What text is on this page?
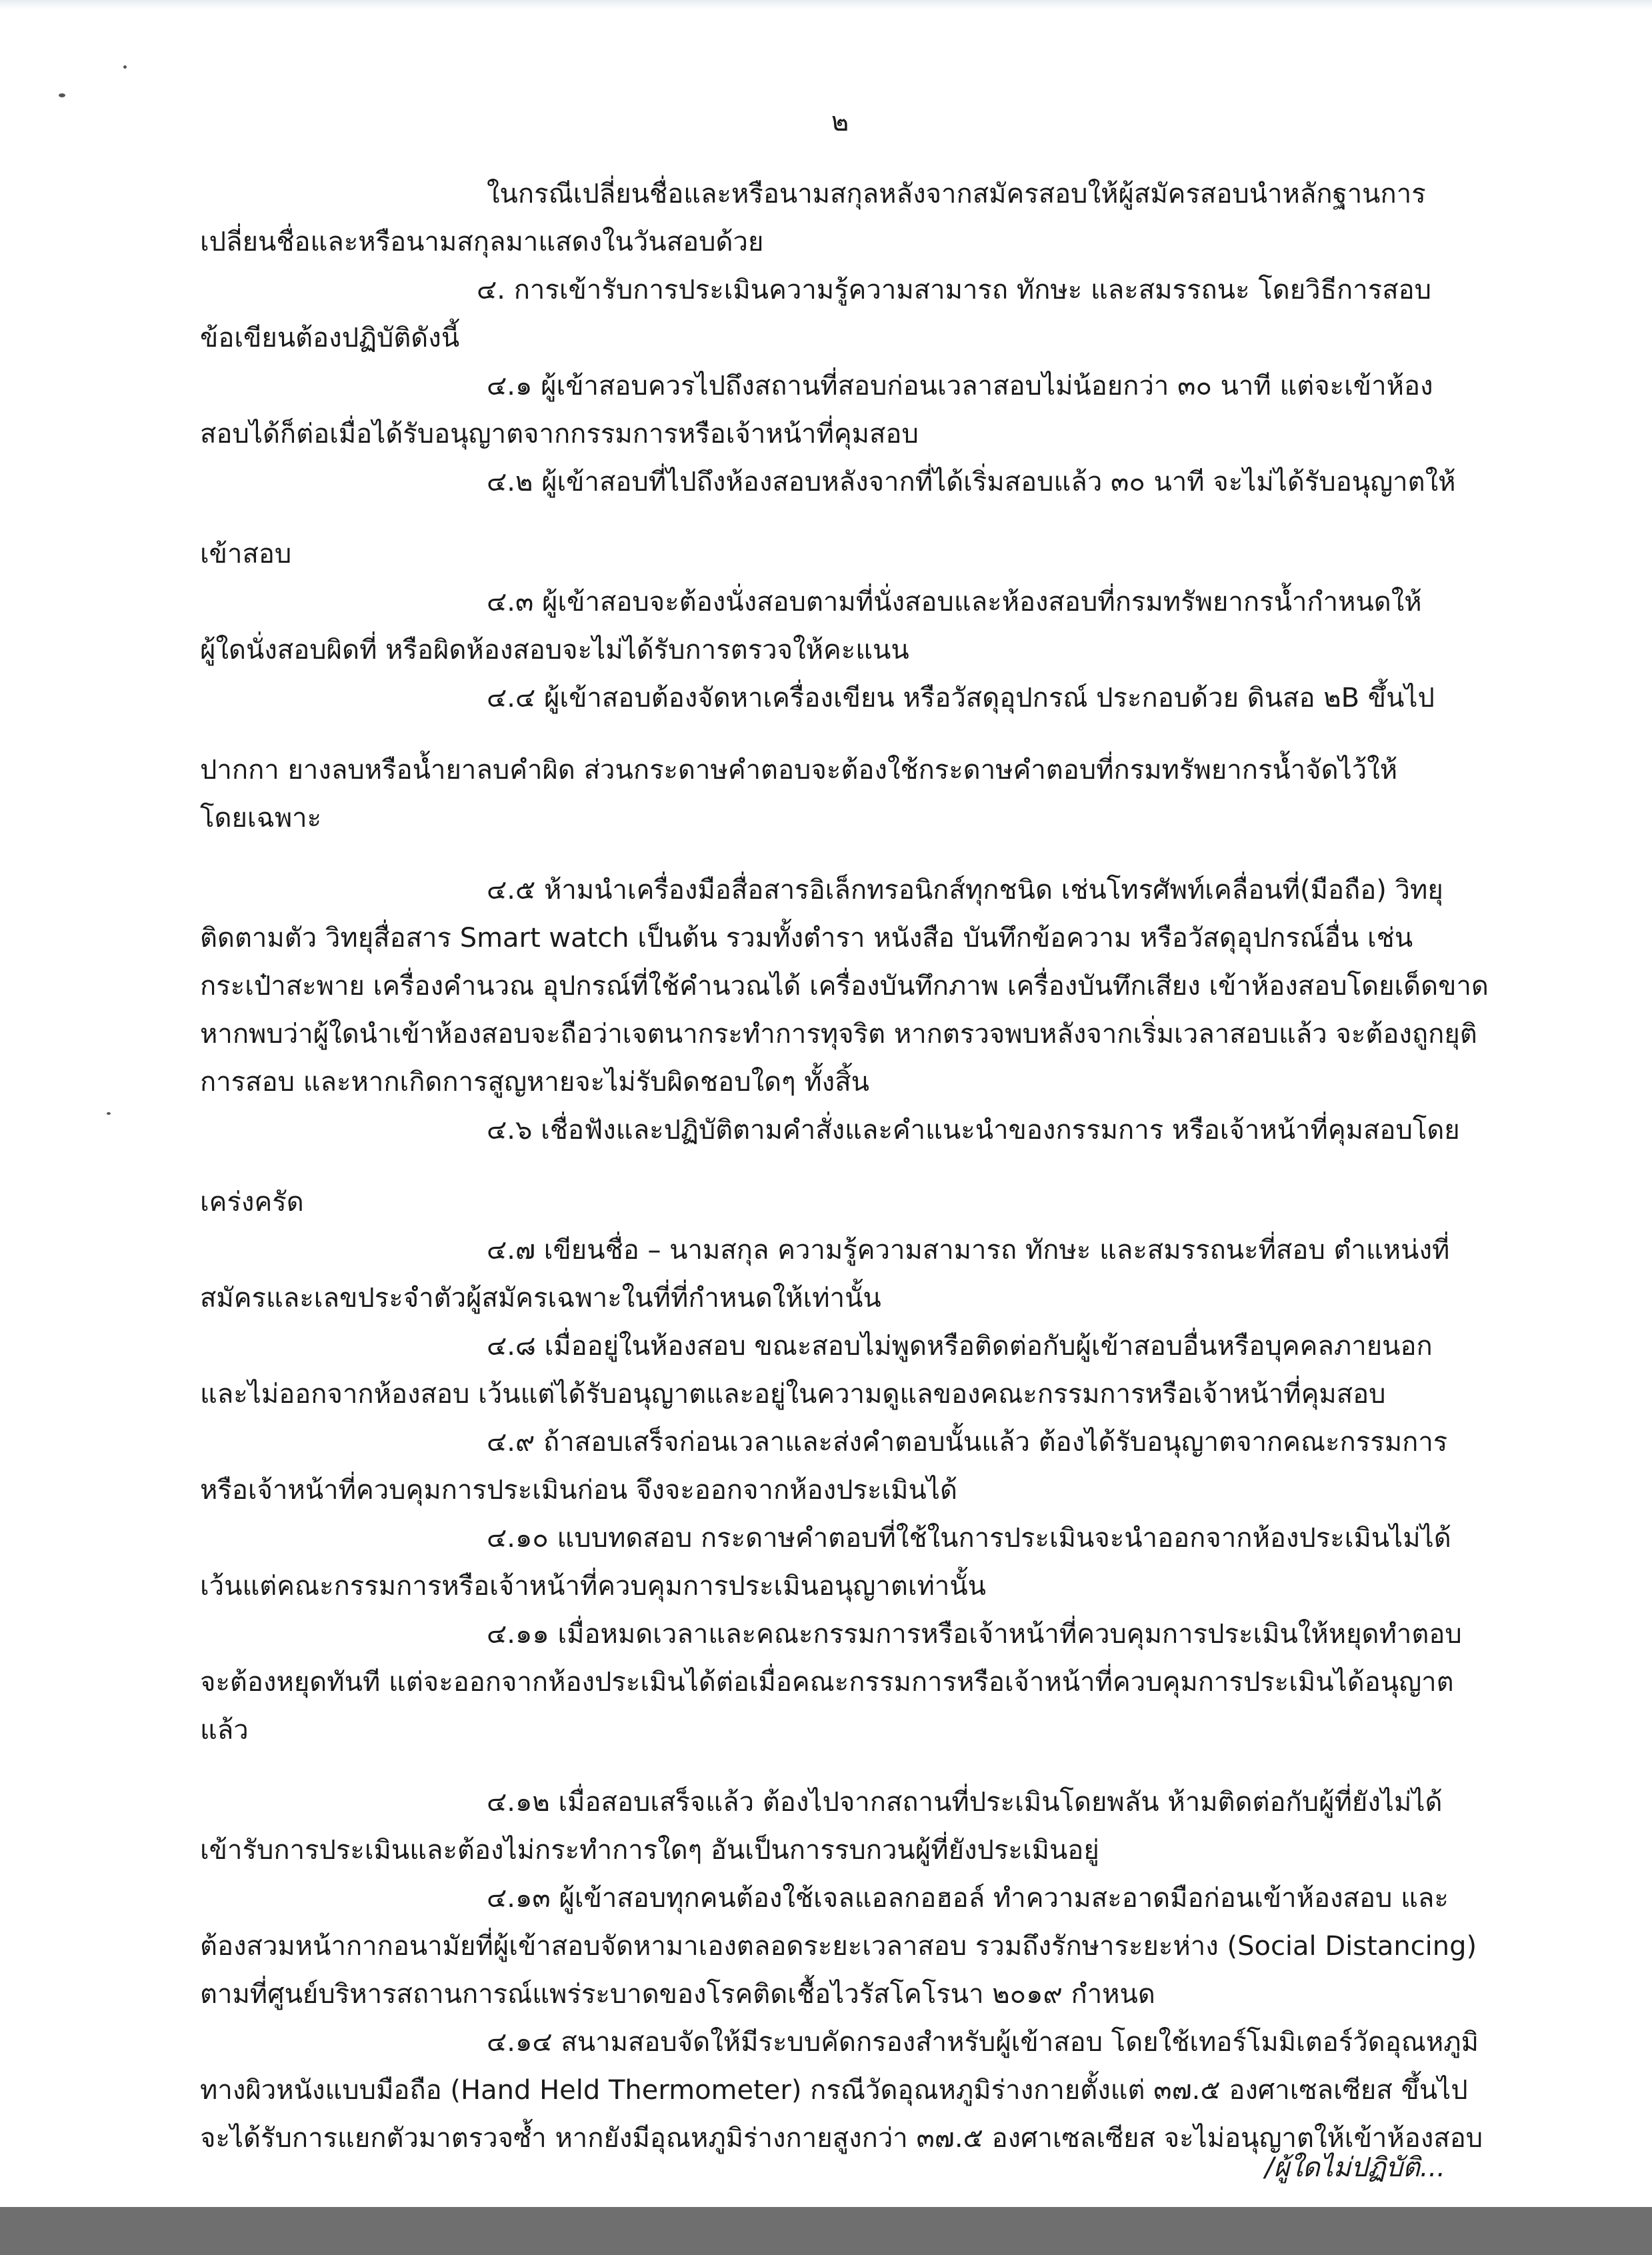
๒
ในกรณีเปลี่ยนชื่อและหรือนามสกุลหลังจากสมัครสอบให้ผู้สมัครสอบนำหลักฐานการ
เปลี่ยนชื่อและหรือนามสกุลมาแสดงในวันสอบด้วย
๔. การเข้ารับการประเมินความรู้ความสามารถ ทักษะ และสมรรถนะ โดยวิธีการสอบ
ข้อเขียนต้องปฏิบัติดังนี้
๔.๑ ผู้เข้าสอบควรไปถึงสถานที่สอบก่อนเวลาสอบไม่น้อยกว่า ๓๐ นาที แต่จะเข้าห้อง
สอบได้ก็ต่อเมื่อได้รับอนุญาตจากกรรมการหรือเจ้าหน้าที่คุมสอบ
๔.๒ ผู้เข้าสอบที่ไปถึงห้องสอบหลังจากที่ได้เริ่มสอบแล้ว ๓๐ นาที จะไม่ได้รับอนุญาตให้
เข้าสอบ
๔.๓ ผู้เข้าสอบจะต้องนั่งสอบตามที่นั่งสอบและห้องสอบที่กรมทรัพยากรน้ำกำหนดให้
ผู้ใดนั่งสอบผิดที่ หรือผิดห้องสอบจะไม่ได้รับการตรวจให้คะแนน
๔.๔ ผู้เข้าสอบต้องจัดหาเครื่องเขียน หรือวัสดุอุปกรณ์ ประกอบด้วย ดินสอ ๒B ขึ้นไป
ปากกา ยางลบหรือน้ำยาลบคำผิด ส่วนกระดาษคำตอบจะต้องใช้กระดาษคำตอบที่กรมทรัพยากรน้ำจัดไว้ให้
โดยเฉพาะ
๔.๕ ห้ามนำเครื่องมือสื่อสารอิเล็กทรอนิกส์ทุกชนิด เช่นโทรศัพท์เคลื่อนที่(มือถือ) วิทยุ
ติดตามตัว วิทยุสื่อสาร Smart watch เป็นต้น รวมทั้งตำรา หนังสือ บันทึกข้อความ หรือวัสดุอุปกรณ์อื่น เช่น
กระเป๋าสะพาย เครื่องคำนวณ อุปกรณ์ที่ใช้คำนวณได้ เครื่องบันทึกภาพ เครื่องบันทึกเสียง เข้าห้องสอบโดยเด็ดขาด
หากพบว่าผู้ใดนำเข้าห้องสอบจะถือว่าเจตนากระทำการทุจริต หากตรวจพบหลังจากเริ่มเวลาสอบแล้ว จะต้องถูกยุติ
การสอบ และหากเกิดการสูญหายจะไม่รับผิดชอบใดๆ ทั้งสิ้น
๔.๖ เชื่อฟังและปฏิบัติตามคำสั่งและคำแนะนำของกรรมการ หรือเจ้าหน้าที่คุมสอบโดย
เคร่งครัด
๔.๗ เขียนชื่อ – นามสกุล ความรู้ความสามารถ ทักษะ และสมรรถนะที่สอบ ตำแหน่งที่
สมัครและเลขประจำตัวผู้สมัครเฉพาะในที่ที่กำหนดให้เท่านั้น
๔.๘ เมื่ออยู่ในห้องสอบ ขณะสอบไม่พูดหรือติดต่อกับผู้เข้าสอบอื่นหรือบุคคลภายนอก
และไม่ออกจากห้องสอบ เว้นแต่ได้รับอนุญาตและอยู่ในความดูแลของคณะกรรมการหรือเจ้าหน้าที่คุมสอบ
๔.๙ ถ้าสอบเสร็จก่อนเวลาและส่งคำตอบนั้นแล้ว ต้องได้รับอนุญาตจากคณะกรรมการ
หรือเจ้าหน้าที่ควบคุมการประเมินก่อน จึงจะออกจากห้องประเมินได้
๔.๑๐ แบบทดสอบ กระดาษคำตอบที่ใช้ในการประเมินจะนำออกจากห้องประเมินไม่ได้
เว้นแต่คณะกรรมการหรือเจ้าหน้าที่ควบคุมการประเมินอนุญาตเท่านั้น
๔.๑๑ เมื่อหมดเวลาและคณะกรรมการหรือเจ้าหน้าที่ควบคุมการประเมินให้หยุดทำตอบ
จะต้องหยุดทันที แต่จะออกจากห้องประเมินได้ต่อเมื่อคณะกรรมการหรือเจ้าหน้าที่ควบคุมการประเมินได้อนุญาต
แล้ว
๔.๑๒ เมื่อสอบเสร็จแล้ว ต้องไปจากสถานที่ประเมินโดยพลัน ห้ามติดต่อกับผู้ที่ยังไม่ได้
เข้ารับการประเมินและต้องไม่กระทำการใดๆ อันเป็นการรบกวนผู้ที่ยังประเมินอยู่
๔.๑๓ ผู้เข้าสอบทุกคนต้องใช้เจลแอลกอฮอล์ ทำความสะอาดมือก่อนเข้าห้องสอบ และ
ต้องสวมหน้ากากอนามัยที่ผู้เข้าสอบจัดหามาเองตลอดระยะเวลาสอบ รวมถึงรักษาระยะห่าง (Social Distancing)
ตามที่ศูนย์บริหารสถานการณ์แพร่ระบาดของโรคติดเชื้อไวรัสโคโรนา ๒๐๑๙ กำหนด
๔.๑๔ สนามสอบจัดให้มีระบบคัดกรองสำหรับผู้เข้าสอบ โดยใช้เทอร์โมมิเตอร์วัดอุณหภูมิ
ทางผิวหนังแบบมือถือ (Hand Held Thermometer) กรณีวัดอุณหภูมิร่างกายตั้งแต่ ๓๗.๕ องศาเซลเซียส ขึ้นไป
จะได้รับการแยกตัวมาตรวจซ้ำ หากยังมีอุณหภูมิร่างกายสูงกว่า ๓๗.๕ องศาเซลเซียส จะไม่อนุญาตให้เข้าห้องสอบ
/ผู้ใดไม่ปฏิบัติ...
